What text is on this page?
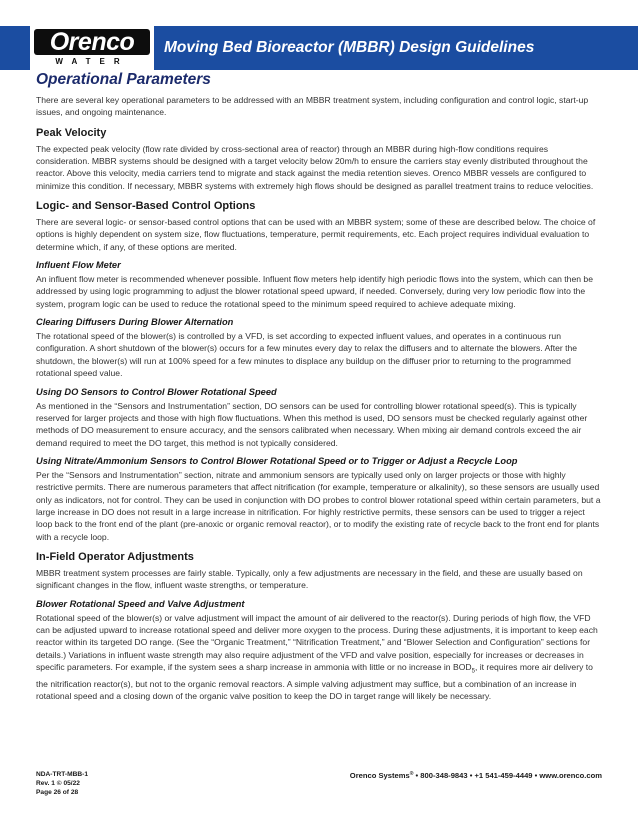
Orenco
WATER
Moving Bed Bioreactor (MBBR) Design Guidelines
Operational Parameters

There are several key operational parameters to be addressed with an MBBR treatment system, including configuration and control logic, start-up issues, and ongoing maintenance.

Peak Velocity

The expected peak velocity (flow rate divided by cross-sectional area of reactor) through an MBBR during high-flow conditions requires consideration. MBBR systems should be designed with a target velocity below 20m/h to ensure the carriers stay evenly distributed throughout the reactor. Above this velocity, media carriers tend to migrate and stack against the media retention sieves. Orenco MBBR vessels are configured to minimize this condition. If necessary, MBBR systems with extremely high flows should be designed as parallel treatment trains to reduce velocities.

Logic- and Sensor-Based Control Options

There are several logic- or sensor-based control options that can be used with an MBBR system; some of these are described below. The choice of options is highly dependent on system size, flow fluctuations, temperature, permit requirements, etc. Each project requires individual evaluation to determine which, if any, of these options are merited.

Influent Flow Meter

An influent flow meter is recommended whenever possible. Influent flow meters help identify high periodic flows into the system, which can then be addressed by using logic programming to adjust the blower rotational speed upward, if needed. Conversely, during very low periodic flow into the system, program logic can be used to reduce the rotational speed to the minimum speed required to achieve adequate mixing.

Clearing Diffusers During Blower Alternation

The rotational speed of the blower(s) is controlled by a VFD, is set according to expected influent values, and operates in a continuous run configuration. A short shutdown of the blower(s) occurs for a few minutes every day to relax the diffusers and to alternate the blowers. After the shutdown, the blower(s) will run at 100% speed for a few minutes to displace any buildup on the diffuser prior to returning to the programmed rotational speed value.

Using DO Sensors to Control Blower Rotational Speed

As mentioned in the “Sensors and Instrumentation” section, DO sensors can be used for controlling blower rotational speed(s). This is typically reserved for larger projects and those with high flow fluctuations. When this method is used, DO sensors must be checked regularly against other methods of DO measurement to ensure accuracy, and the sensors calibrated when necessary. When mixing air demand controls exceed the air demand required to meet the DO target, this method is not typically considered.

Using Nitrate/Ammonium Sensors to Control Blower Rotational Speed or to Trigger or Adjust a Recycle Loop

Per the “Sensors and Instrumentation” section, nitrate and ammonium sensors are typically used only on larger projects or those with highly restrictive permits. There are numerous parameters that affect nitrification (for example, temperature or alkalinity), so these sensors are usually used only as indicators, not for control. They can be used in conjunction with DO probes to control blower rotational speed within certain parameters, but a large increase in DO does not result in a large increase in nitrification. For highly restrictive permits, these sensors can be used to trigger a reject loop back to the front end of the plant (pre-anoxic or organic removal reactor), or to modify the existing rate of recycle back to the front end for plants with a recycle loop.

In-Field Operator Adjustments

MBBR treatment system processes are fairly stable. Typically, only a few adjustments are necessary in the field, and these are usually based on significant changes in the flow, influent waste strengths, or temperature.

Blower Rotational Speed and Valve Adjustment

Rotational speed of the blower(s) or valve adjustment will impact the amount of air delivered to the reactor(s). During periods of high flow, the VFD can be adjusted upward to increase rotational speed and deliver more oxygen to the process. During these adjustments, it is important to keep each reactor within its targeted DO range. (See the “Organic Treatment,” “Nitrification Treatment,” and “Blower Selection and Configuration” sections for details.) Variations in influent waste strength may also require adjustment of the VFD and valve position, especially for increases or decreases in specific parameters. For example, if the system sees a sharp increase in ammonia with little or no increase in $BOD_5$, it requires more air delivery to the nitrification reactor(s), but not to the organic removal reactors. A simple valving adjustment may suffice, but a combination of an increase in rotational speed and a closing down of the organic valve position to keep the DO in target range will likely be necessary.

NDA-TRT-MBB-1
Rev. 1 © 05/22
Page 26 of 28
Orenco Systems® • 800-348-9843 • +1 541-459-4449 • www.orenco.com
